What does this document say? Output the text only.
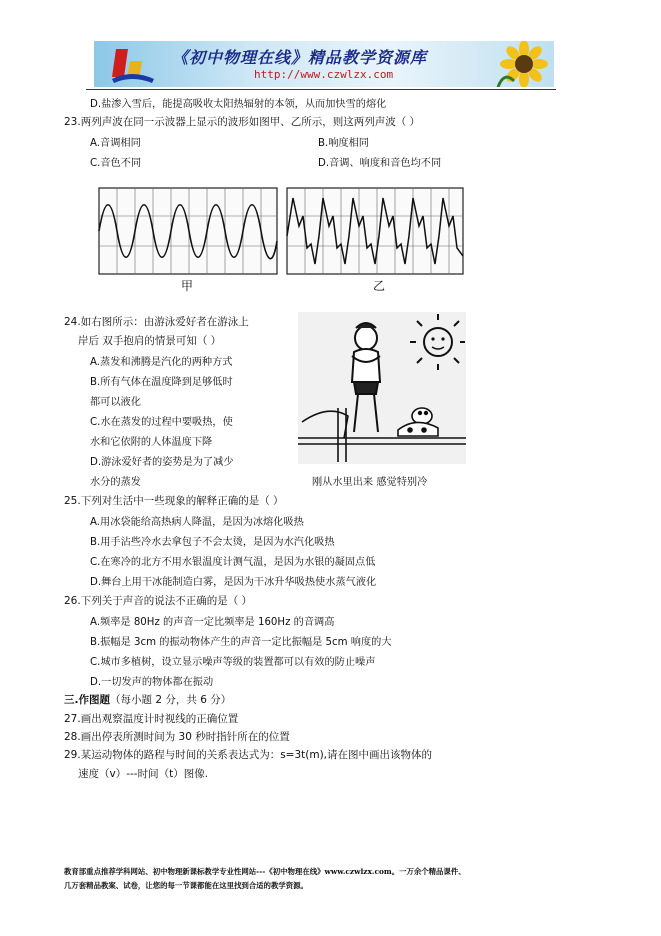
《初中物理在线》精品教学资源库
http://www.czwlzx.com
D.盐渗入雪后，能提高吸收太阳热辐射的本领，从而加快雪的熔化
23.两列声波在同一示波器上显示的波形如图甲、乙所示，则这两列声波（ ）
A.音调相同	B.响度相同
C.音色不同	D.音调、响度和音色均不同
甲	乙
24.如右图所示：由游泳爱好者在游泳上
岸后 双手抱肩的情景可知（ ）
A.蒸发和沸腾是汽化的两种方式
B.所有气体在温度降到足够低时
都可以液化
C.水在蒸发的过程中要吸热，使
水和它依附的人体温度下降
D.游泳爱好者的姿势是为了减少
水分的蒸发	刚从水里出来 感觉特别冷
25.下列对生活中一些现象的解释正确的是（ ）
A.用冰袋能给高热病人降温，是因为冰熔化吸热
B.用手沾些冷水去拿包子不会太烫，是因为水汽化吸热
C.在寒冷的北方不用水银温度计测气温，是因为水银的凝固点低
D.舞台上用干冰能制造白雾，是因为干冰升华吸热使水蒸气液化
26.下列关于声音的说法不正确的是（ ）
A.频率是 80Hz 的声音一定比频率是 160Hz 的音调高
B.振幅是 3cm 的振动物体产生的声音一定比振幅是 5cm 响度的大
C.城市多植树，设立显示噪声等级的装置都可以有效的防止噪声
D.一切发声的物体都在振动
三.作图题（每小题 2 分，共 6 分）
27.画出观察温度计时视线的正确位置
28.画出停表所测时间为 30 秒时指针所在的位置
29.某运动物体的路程与时间的关系表达式为：s=3t(m),请在图中画出该物体的
速度（v）---时间（t）图像.
教育部重点推荐学科网站、初中物理新课标教学专业性网站---《初中物理在线》www.czwlzx.com。一万余个精品课件、
几万套精品教案、试卷，让您的每一节课都能在这里找到合适的教学资源。
